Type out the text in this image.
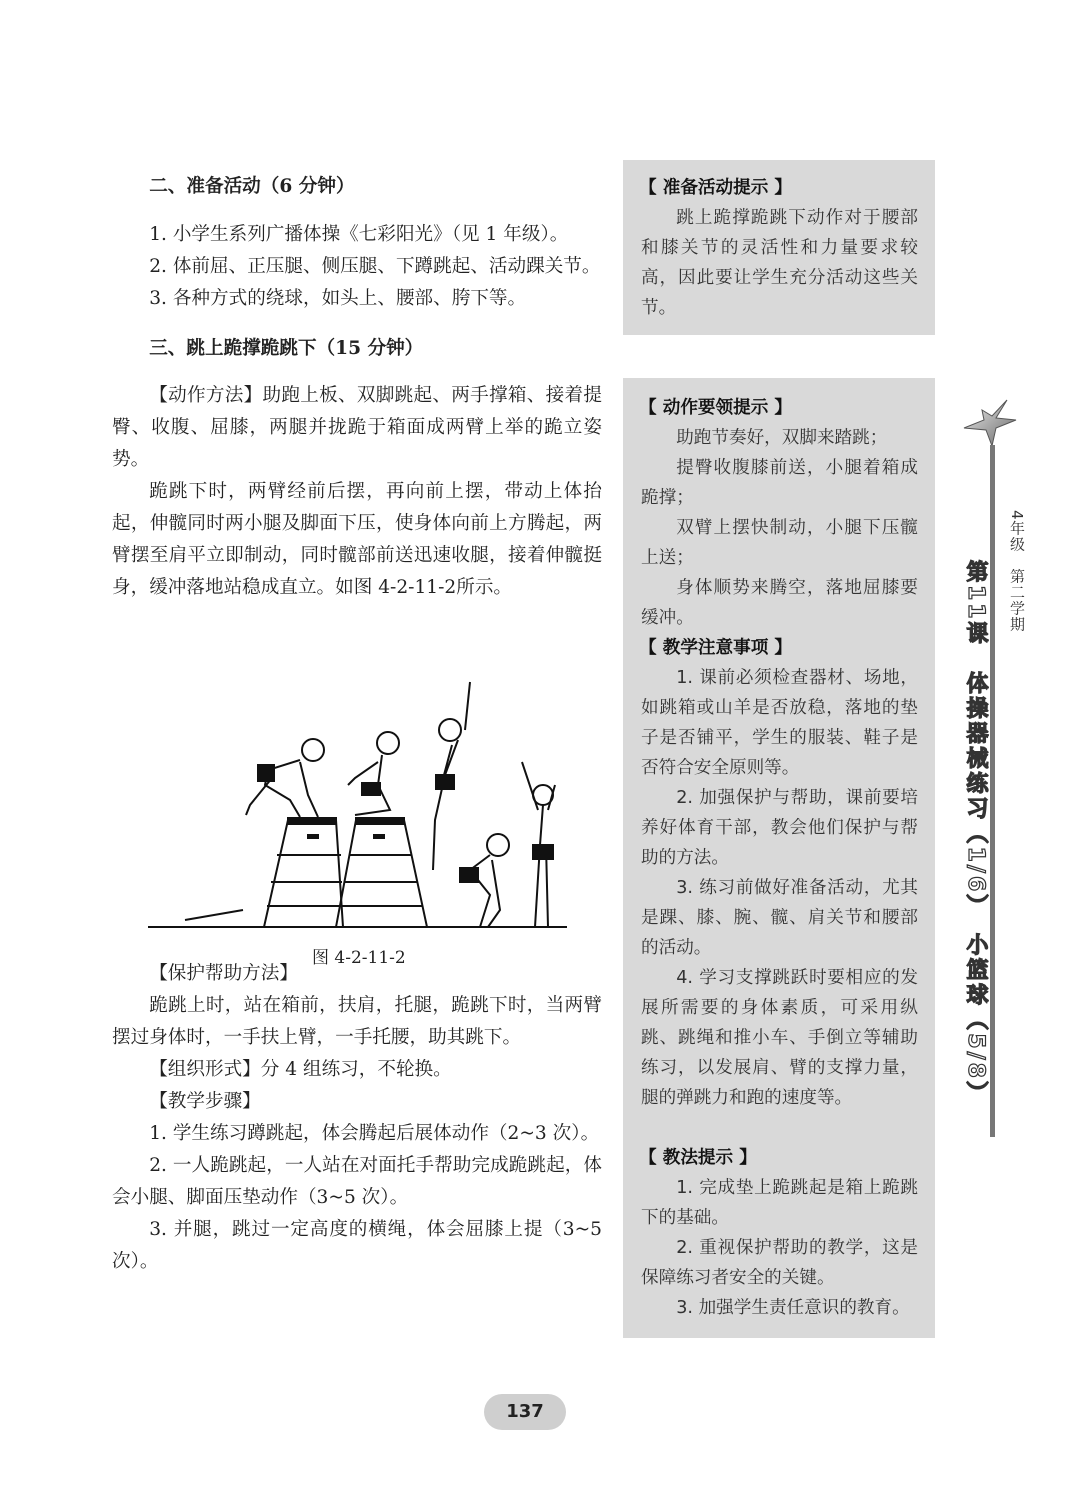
二、准备活动（6 分钟）

1. 小学生系列广播体操《七彩阳光》（见 1 年级）。

2. 体前屈、正压腿、侧压腿、下蹲跳起、活动踝关节。

3. 各种方式的绕球，如头上、腰部、胯下等。

三、跳上跪撑跪跳下（15 分钟）

【动作方法】助跑上板、双脚跳起、两手撑箱、接着提臀、收腹、屈膝，两腿并拢跪于箱面成两臂上举的跪立姿势。

跪跳下时，两臂经前后摆，再向前上摆，带动上体抬起，伸髋同时两小腿及脚面下压，使身体向前上方腾起，两臂摆至肩平立即制动，同时髋部前送迅速收腿，接着伸髋挺身，缓冲落地站稳成直立。如图 4-2-11-2所示。

图 4-2-11-2

【保护帮助方法】

跪跳上时，站在箱前，扶肩，托腿，跪跳下时，当两臂摆过身体时，一手扶上臂，一手托腰，助其跳下。

【组织形式】分 4 组练习，不轮换。

【教学步骤】

1. 学生练习蹲跳起，体会腾起后展体动作（2~3 次）。

2. 一人跪跳起，一人站在对面托手帮助完成跪跳起，体会小腿、脚面压垫动作（3~5 次）。

3. 并腿，跳过一定高度的横绳，体会屈膝上提（3~5 次）。

【 准备活动提示 】

跳上跪撑跪跳下动作对于腰部和膝关节的灵活性和力量要求较高，因此要让学生充分活动这些关节。

【 动作要领提示 】

助跑节奏好，双脚来踏跳；

提臀收腹膝前送，小腿着箱成跪撑；

双臂上摆快制动，小腿下压髋上送；

身体顺势来腾空，落地屈膝要缓冲。

【 教学注意事项 】

1. 课前必须检查器材、场地，如跳箱或山羊是否放稳，落地的垫子是否铺平，学生的服装、鞋子是否符合安全原则等。

2. 加强保护与帮助，课前要培养好体育干部，教会他们保护与帮助的方法。

3. 练习前做好准备活动，尤其是踝、膝、腕、髋、肩关节和腰部的活动。

4. 学习支撑跳跃时要相应的发展所需要的身体素质，可采用纵跳、跳绳和推小车、手倒立等辅助练习，以发展肩、臂的支撑力量，腿的弹跳力和跑的速度等。

【 教法提示 】

1. 完成垫上跪跳起是箱上跪跳下的基础。

2. 重视保护帮助的教学，这是保障练习者安全的关键。

3. 加强学生责任意识的教育。

4年级　第二学期
第11课　体操器械练习（1/6）　小篮球（5/8）
137
